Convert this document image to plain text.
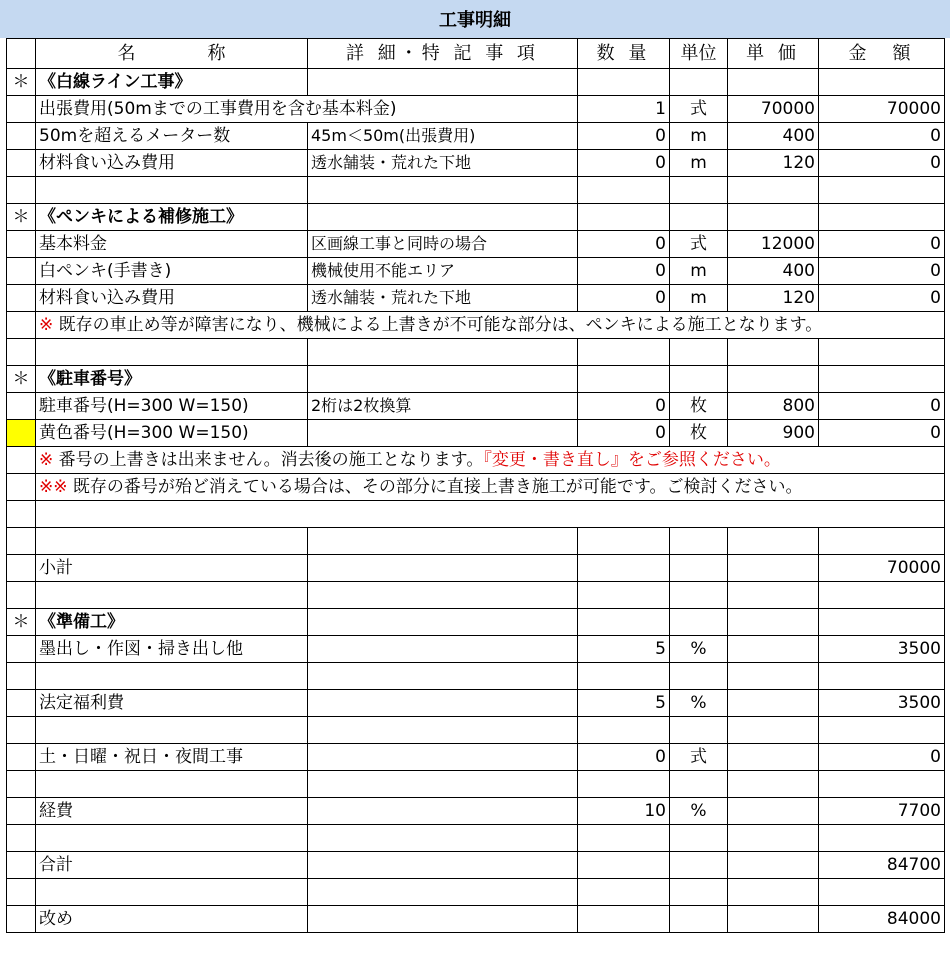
工事明細
	名　　　　称	詳 細・特 記 事 項	数 量	単位	単 価	金　額
＊	《白線ライン工事》					
	出張費用(50mまでの工事費用を含む基本料金)		1	式	70000	70000
	50mを超えるメーター数	45m＜50m(出張費用)	0	m	400	0
	材料食い込み費用	透水舗装・荒れた下地	0	m	120	0

＊	《ペンキによる補修施工》					
	基本料金	区画線工事と同時の場合	0	式	12000	0
	白ペンキ(手書き)	機械使用不能エリア	0	m	400	0
	材料食い込み費用	透水舗装・荒れた下地	0	m	120	0
	※ 既存の車止め等が障害になり、機械による上書きが不可能な部分は、ペンキによる施工となります。					

＊	《駐車番号》					
	駐車番号(H=300 W=150)	2桁は2枚換算	0	枚	800	0
	黄色番号(H=300 W=150)		0	枚	900	0
	※ 番号の上書きは出来ません。消去後の施工となります。『変更・書き直し』をご参照ください。					
	※※ 既存の番号が殆ど消えている場合は、その部分に直接上書き施工が可能です。ご検討ください。					

	小計					70000

＊	《準備工》					
	墨出し・作図・掃き出し他		5	%		3500

	法定福利費		5	%		3500

	土・日曜・祝日・夜間工事		0	式		0

	経費		10	%		7700

	合計					84700

	改め					84000
